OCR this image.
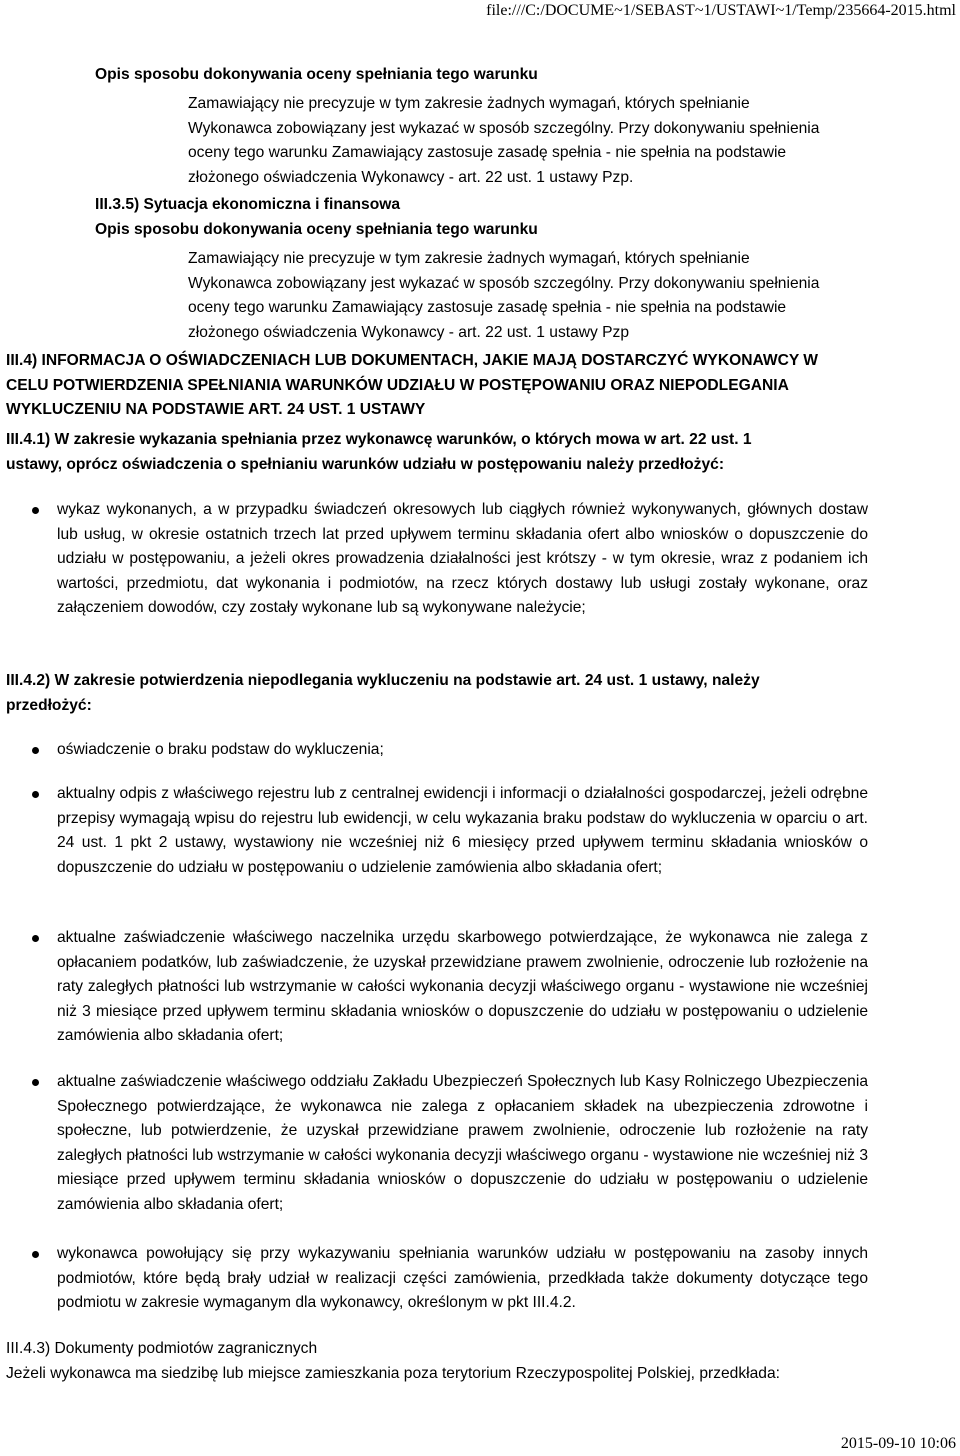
file:///C:/DOCUME~1/SEBAST~1/USTAWI~1/Temp/235664-2015.html
Opis sposobu dokonywania oceny spełniania tego warunku
Zamawiający nie precyzuje w tym zakresie żadnych wymagań, których spełnianie
Wykonawca zobowiązany jest wykazać w sposób szczególny. Przy dokonywaniu spełnienia
oceny tego warunku Zamawiający zastosuje zasadę spełnia - nie spełnia na podstawie
złożonego oświadczenia Wykonawcy - art. 22 ust. 1 ustawy Pzp.
III.3.5) Sytuacja ekonomiczna i finansowa
Opis sposobu dokonywania oceny spełniania tego warunku
Zamawiający nie precyzuje w tym zakresie żadnych wymagań, których spełnianie
Wykonawca zobowiązany jest wykazać w sposób szczególny. Przy dokonywaniu spełnienia
oceny tego warunku Zamawiający zastosuje zasadę spełnia - nie spełnia na podstawie
złożonego oświadczenia Wykonawcy - art. 22 ust. 1 ustawy Pzp
III.4) INFORMACJA O OŚWIADCZENIACH LUB DOKUMENTACH, JAKIE MAJĄ DOSTARCZYĆ WYKONAWCY W
CELU POTWIERDZENIA SPEŁNIANIA WARUNKÓW UDZIAŁU W POSTĘPOWANIU ORAZ NIEPODLEGANIA
WYKLUCZENIU NA PODSTAWIE ART. 24 UST. 1 USTAWY
III.4.1) W zakresie wykazania spełniania przez wykonawcę warunków, o których mowa w art. 22 ust. 1
ustawy, oprócz oświadczenia o spełnianiu warunków udziału w postępowaniu należy przedłożyć:
wykaz wykonanych, a w przypadku świadczeń okresowych lub ciągłych również wykonywanych, głównych dostaw lub usług, w okresie ostatnich trzech lat przed upływem terminu składania ofert albo wniosków o dopuszczenie do udziału w postępowaniu, a jeżeli okres prowadzenia działalności jest krótszy - w tym okresie, wraz z podaniem ich wartości, przedmiotu, dat wykonania i podmiotów, na rzecz których dostawy lub usługi zostały wykonane, oraz załączeniem dowodów, czy zostały wykonane lub są wykonywane należycie;
III.4.2) W zakresie potwierdzenia niepodlegania wykluczeniu na podstawie art. 24 ust. 1 ustawy, należy
przedłożyć:
oświadczenie o braku podstaw do wykluczenia;
aktualny odpis z właściwego rejestru lub z centralnej ewidencji i informacji o działalności gospodarczej, jeżeli odrębne przepisy wymagają wpisu do rejestru lub ewidencji, w celu wykazania braku podstaw do wykluczenia w oparciu o art. 24 ust. 1 pkt 2 ustawy, wystawiony nie wcześniej niż 6 miesięcy przed upływem terminu składania wniosków o dopuszczenie do udziału w postępowaniu o udzielenie zamówienia albo składania ofert;
aktualne zaświadczenie właściwego naczelnika urzędu skarbowego potwierdzające, że wykonawca nie zalega z opłacaniem podatków, lub zaświadczenie, że uzyskał przewidziane prawem zwolnienie, odroczenie lub rozłożenie na raty zaległych płatności lub wstrzymanie w całości wykonania decyzji właściwego organu - wystawione nie wcześniej niż 3 miesiące przed upływem terminu składania wniosków o dopuszczenie do udziału w postępowaniu o udzielenie zamówienia albo składania ofert;
aktualne zaświadczenie właściwego oddziału Zakładu Ubezpieczeń Społecznych lub Kasy Rolniczego Ubezpieczenia Społecznego potwierdzające, że wykonawca nie zalega z opłacaniem składek na ubezpieczenia zdrowotne i społeczne, lub potwierdzenie, że uzyskał przewidziane prawem zwolnienie, odroczenie lub rozłożenie na raty zaległych płatności lub wstrzymanie w całości wykonania decyzji właściwego organu - wystawione nie wcześniej niż 3 miesiące przed upływem terminu składania wniosków o dopuszczenie do udziału w postępowaniu o udzielenie zamówienia albo składania ofert;
wykonawca powołujący się przy wykazywaniu spełniania warunków udziału w postępowaniu na zasoby innych podmiotów, które będą brały udział w realizacji części zamówienia, przedkłada także dokumenty dotyczące tego podmiotu w zakresie wymaganym dla wykonawcy, określonym w pkt III.4.2.
III.4.3) Dokumenty podmiotów zagranicznych
Jeżeli wykonawca ma siedzibę lub miejsce zamieszkania poza terytorium Rzeczypospolitej Polskiej, przedkłada:
2015-09-10 10:06
